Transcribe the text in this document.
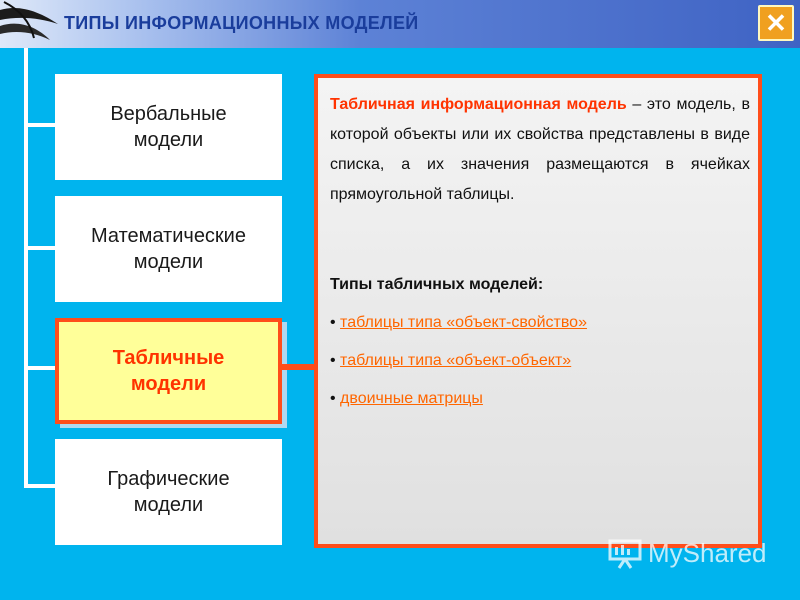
ТИПЫ ИНФОРМАЦИОННЫХ МОДЕЛЕЙ	✕
Вербальные модели
Математические модели
Табличные модели
Графические модели
Табличная информационная модель – это модель, в которой объекты или их свойства представлены в виде списка, а их значения размещаются в ячейках прямоугольной таблицы.
Типы табличных моделей:
• таблицы типа «объект-свойство»
• таблицы типа «объект-объект»
• двоичные матрицы
MyShared
